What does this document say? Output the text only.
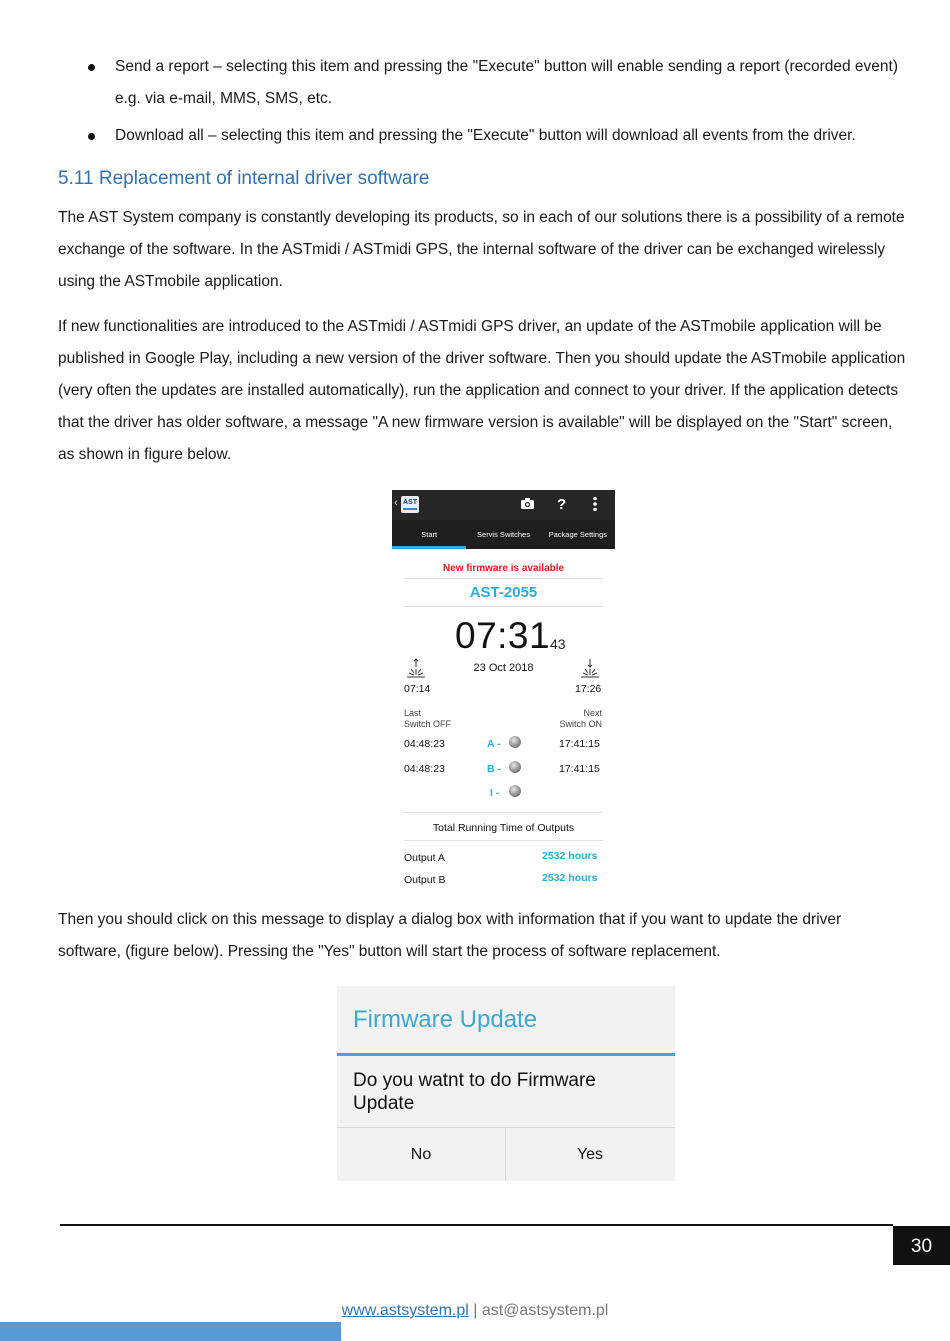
Send a report – selecting this item and pressing the "Execute" button will enable sending a report (recorded event) e.g. via e-mail, MMS, SMS, etc.
Download all – selecting this item and pressing the "Execute" button will download all events from the driver.
5.11 Replacement of internal driver software
The AST System company is constantly developing its products, so in each of our solutions there is a possibility of a remote exchange of the software. In the ASTmidi / ASTmidi GPS, the internal software of the driver can be exchanged wirelessly using the ASTmobile application.
If new functionalities are introduced to the ASTmidi / ASTmidi GPS driver, an update of the ASTmobile application will be published in Google Play, including a new version of the driver software. Then you should update the ASTmobile application (very often the updates are installed automatically), run the application and connect to your driver. If the application detects that the driver has older software, a message "A new firmware version is available" will be displayed on the "Start" screen, as shown in figure below.
‹ AST	?
Start	Servis Switches	Package Settings
New firmware is available
AST-2055
07:31 43
23 Oct 2018
07:14	17:26
Last
Switch OFF
Next
Switch ON
04:48:23	A -	17:41:15
04:48:23	B -	17:41:15
I -
Total Running Time of Outputs
Output A	2532 hours
Output B	2532 hours
Then you should click on this message to display a dialog box with information that if you want to update the driver software, (figure below). Pressing the "Yes" button will start the process of software replacement.
Firmware Update
Do you watnt to do Firmware Update
No	Yes
30
www.astsystem.pl | ast@astsystem.pl
